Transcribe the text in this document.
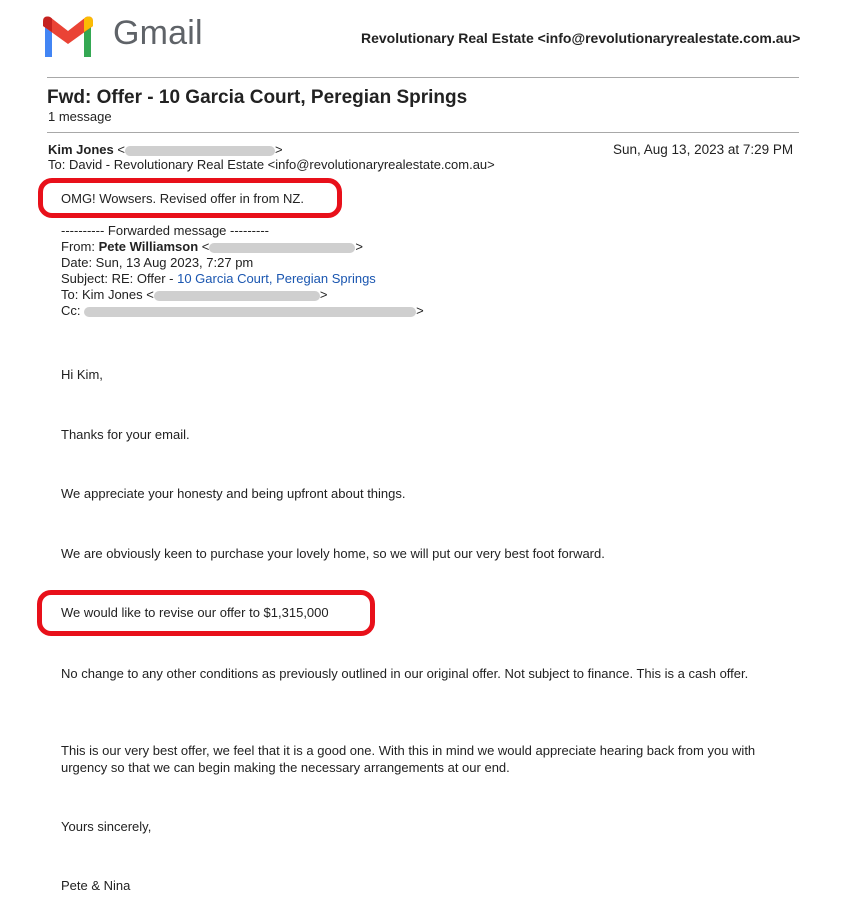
Gmail	Revolutionary Real Estate <info@revolutionaryrealestate.com.au>
Fwd: Offer - 10 Garcia Court, Peregian Springs
1 message
Kim Jones <	>	Sun, Aug 13, 2023 at 7:29 PM
To: David - Revolutionary Real Estate <info@revolutionaryrealestate.com.au>
OMG! Wowsers. Revised offer in from NZ.
---------- Forwarded message ---------
From: Pete Williamson <	>
Date: Sun, 13 Aug 2023, 7:27 pm
Subject: RE: Offer - 10 Garcia Court, Peregian Springs
To: Kim Jones <	>
Cc:	>
Hi Kim,
Thanks for your email.
We appreciate your honesty and being upfront about things.
We are obviously keen to purchase your lovely home, so we will put our very best foot forward.
We would like to revise our offer to $1,315,000
No change to any other conditions as previously outlined in our original offer. Not subject to finance. This is a cash offer.
This is our very best offer, we feel that it is a good one. With this in mind we would appreciate hearing back from you with urgency so that we can begin making the necessary arrangements at our end.
Yours sincerely,
Pete & Nina
